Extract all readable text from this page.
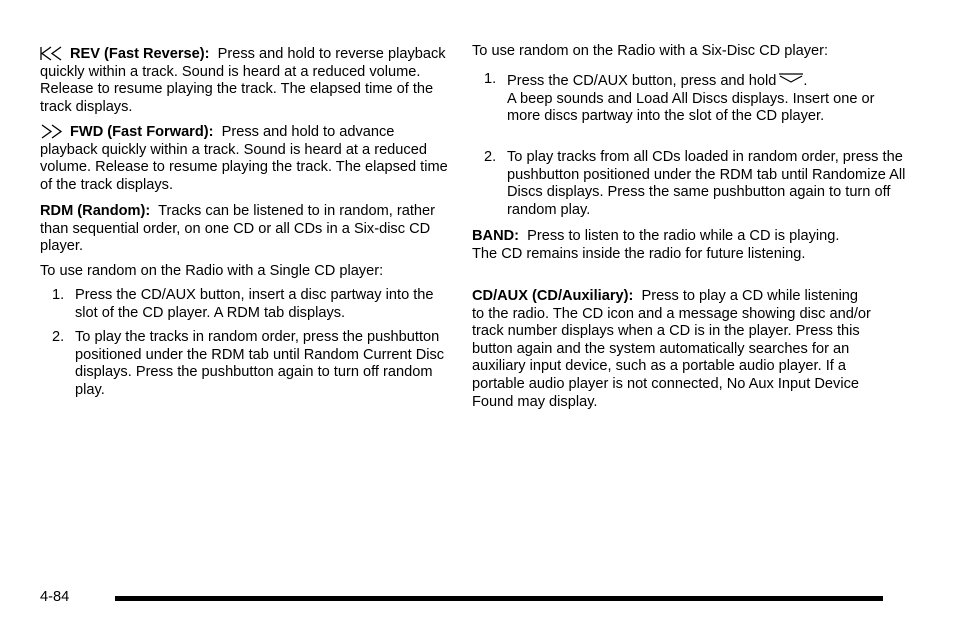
REV (Fast Reverse): Press and hold to reverse playback quickly within a track. Sound is heard at a reduced volume. Release to resume playing the track. The elapsed time of the track displays.

FWD (Fast Forward): Press and hold to advance playback quickly within a track. Sound is heard at a reduced volume. Release to resume playing the track. The elapsed time of the track displays.

RDM (Random): Tracks can be listened to in random, rather than sequential order, on one CD or all CDs in a Six-disc CD player.

To use random on the Radio with a Single CD player:

1. Press the CD/AUX button, insert a disc partway into the slot of the CD player. A RDM tab displays.
2. To play the tracks in random order, press the pushbutton positioned under the RDM tab until Random Current Disc displays. Press the pushbutton again to turn off random play.

To use random on the Radio with a Six-Disc CD player:

1. Press the CD/AUX button, press and hold .
A beep sounds and Load All Discs displays. Insert one or more discs partway into the slot of the CD player.
2. To play tracks from all CDs loaded in random order, press the pushbutton positioned under the RDM tab until Randomize All Discs displays. Press the same pushbutton again to turn off random play.

BAND: Press to listen to the radio while a CD is playing. The CD remains inside the radio for future listening.

CD/AUX (CD/Auxiliary): Press to play a CD while listening to the radio. The CD icon and a message showing disc and/or track number displays when a CD is in the player. Press this button again and the system automatically searches for an auxiliary input device, such as a portable audio player. If a portable audio player is not connected, No Aux Input Device Found may display.

4-84
